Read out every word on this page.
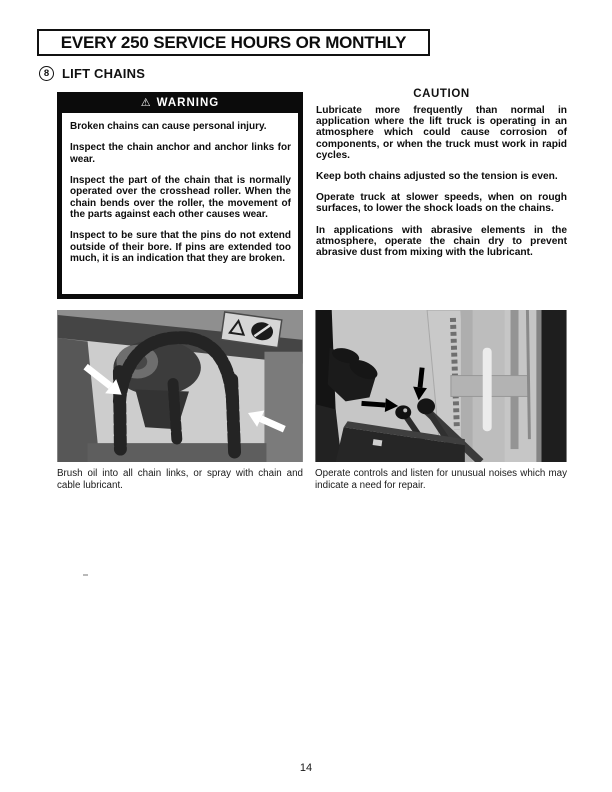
EVERY 250 SERVICE HOURS OR MONTHLY
8 LIFT CHAINS
⚠ WARNING

Broken chains can cause personal injury.

Inspect the chain anchor and anchor links for wear.

Inspect the part of the chain that is normally operated over the crosshead roller. When the chain bends over the roller, the movement of the parts against each other causes wear.

Inspect to be sure that the pins do not extend outside of their bore. If pins are extended too much, it is an indication that they are broken.

CAUTION

Lubricate more frequently than normal in application where the lift truck is operating in an atmosphere which could cause corrosion of components, or when the truck must work in rapid cycles.

Keep both chains adjusted so the tension is even.

Operate truck at slower speeds, when on rough surfaces, to lower the shock loads on the chains.

In applications with abrasive elements in the atmosphere, operate the chain dry to prevent abrasive dust from mixing with the lubricant.

Brush oil into all chain links, or spray with chain and cable lubricant.
Operate controls and listen for unusual noises which may indicate a need for repair.
14
